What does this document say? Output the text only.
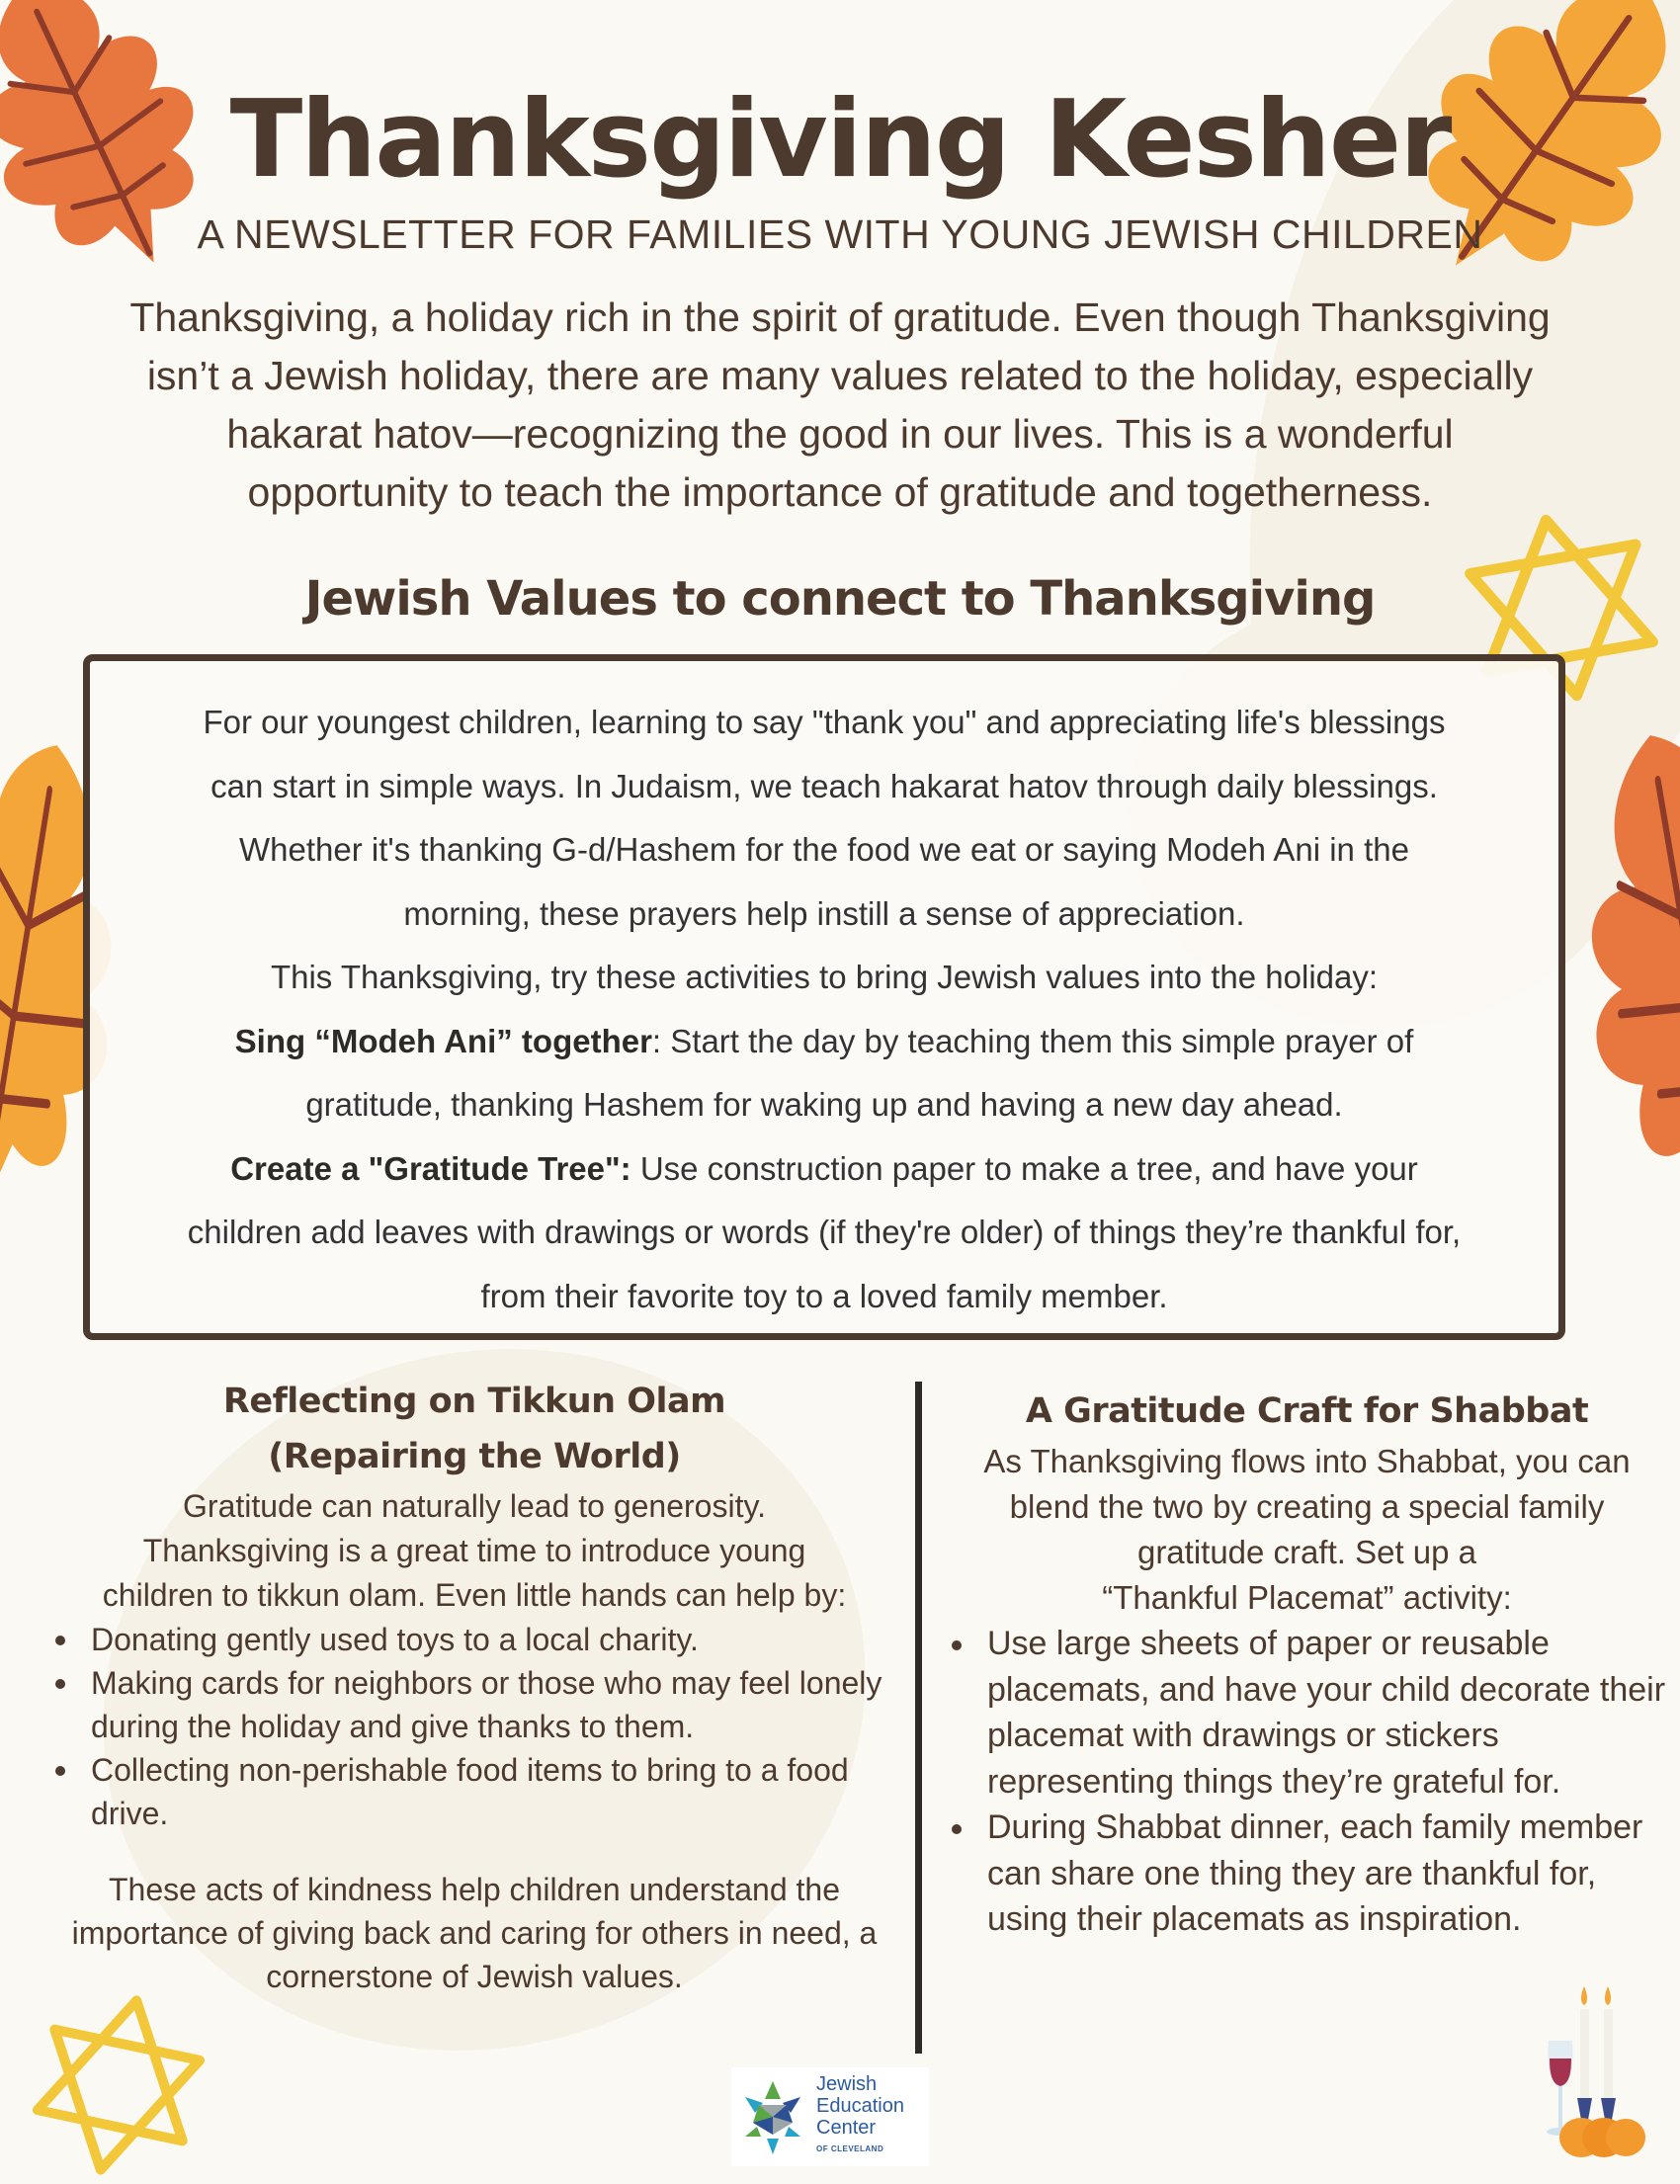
Thanksgiving Kesher
A NEWSLETTER FOR FAMILIES WITH YOUNG JEWISH CHILDREN

Thanksgiving, a holiday rich in the spirit of gratitude. Even though Thanksgiving

isn’t a Jewish holiday, there are many values related to the holiday, especially

hakarat hatov—recognizing the good in our lives. This is a wonderful

opportunity to teach the importance of gratitude and togetherness.

Jewish Values to connect to Thanksgiving

For our youngest children, learning to say "thank you" and appreciating life's blessings

can start in simple ways. In Judaism, we teach hakarat hatov through daily blessings.

Whether it's thanking G-d/Hashem for the food we eat or saying Modeh Ani in the

morning, these prayers help instill a sense of appreciation.

This Thanksgiving, try these activities to bring Jewish values into the holiday:

Sing “Modeh Ani” together: Start the day by teaching them this simple prayer of

gratitude, thanking Hashem for waking up and having a new day ahead.

Create a "Gratitude Tree": Use construction paper to make a tree, and have your

children add leaves with drawings or words (if they're older) of things they’re thankful for,

from their favorite toy to a loved family member.

Reflecting on Tikkun Olam

(Repairing the World)

Gratitude can naturally lead to generosity.

Thanksgiving is a great time to introduce young

children to tikkun olam. Even little hands can help by:

Donating gently used toys to a local charity.
Making cards for neighbors or those who may feel lonely during the holiday and give thanks to them.
Collecting non-perishable food items to bring to a food drive.
These acts of kindness help children understand the importance of giving back and caring for others in need, a cornerstone of Jewish values.

A Gratitude Craft for Shabbat

As Thanksgiving flows into Shabbat, you can

blend the two by creating a special family

gratitude craft. Set up a

“Thankful Placemat” activity:

Use large sheets of paper or reusable placemats, and have your child decorate their placemat with drawings or stickers representing things they’re grateful for.
During Shabbat dinner, each family member can share one thing they are thankful for, using their placemats as inspiration.
Jewish
Education
Center
OF CLEVELAND
